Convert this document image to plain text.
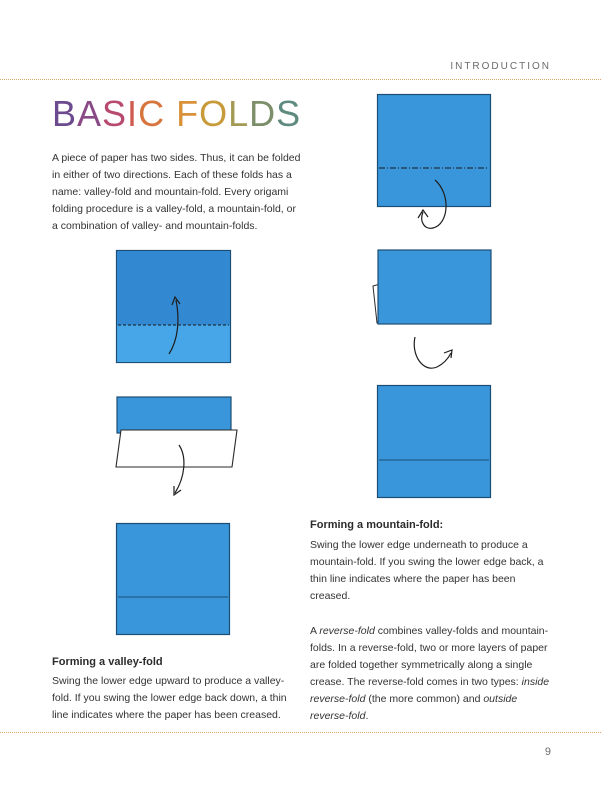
INTRODUCTION
BASIC FOLDS

A piece of paper has two sides. Thus, it can be folded in either of two directions. Each of these folds has a name: valley-fold and mountain-fold. Every origami folding procedure is a valley-fold, a mountain-fold, or a combination of valley- and mountain-folds.

Forming a mountain-fold:

Swing the lower edge underneath to produce a mountain-fold. If you swing the lower edge back, a thin line indicates where the paper has been creased.

A reverse-fold combines valley-folds and mountain-folds. In a reverse-fold, two or more layers of paper are folded together symmetrically along a single crease. The reverse-fold comes in two types: inside reverse-fold (the more common) and outside reverse-fold.

Forming a valley-fold

Swing the lower edge upward to produce a valley-fold. If you swing the lower edge back down, a thin line indicates where the paper has been creased.

9
